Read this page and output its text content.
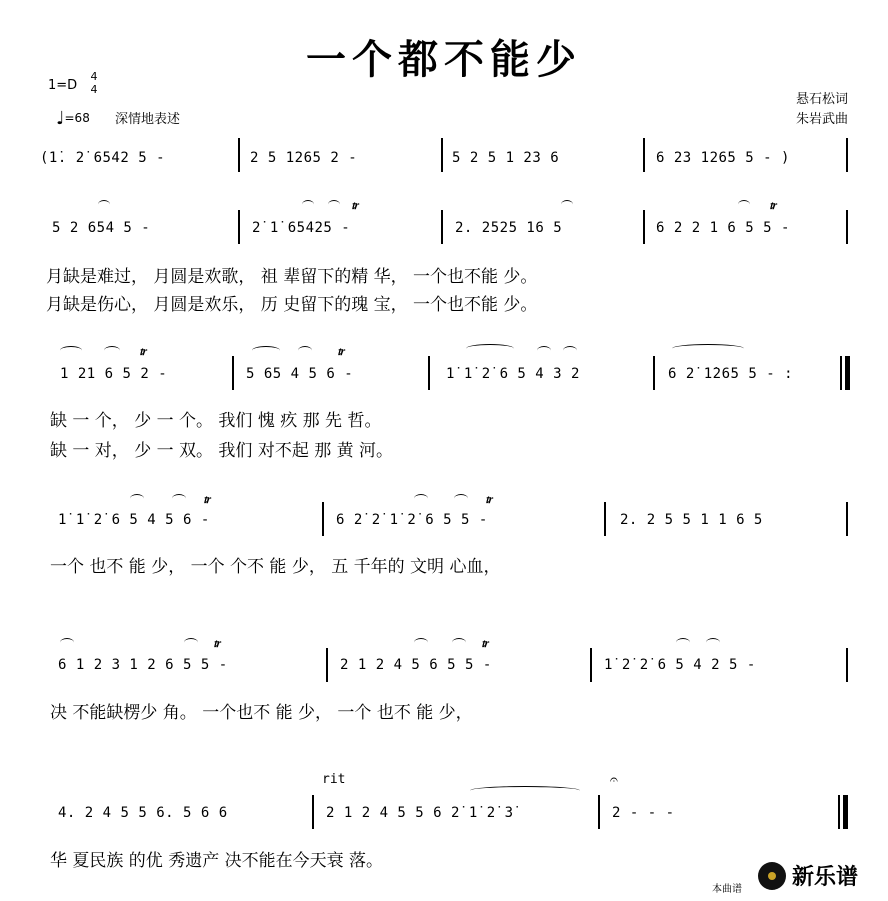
一个都不能少
1=D
4
4
♩=68 深情地表述
悬石松词
朱岩武曲
(1̇. 2̇ 6542 5 -	2 5 1265 2 -	5 2 5 1 23 6	6 23 1265 5 - )
𝆖	𝆖
5 2 654 5 -	2̇ 1̇ 65425 -	2. 2525 16 5	6 2 2 1 6 5 5 -
月缺是难过， 月圆是欢歌， 祖 辈留下的精 华， 一个也不能 少。
月缺是伤心， 月圆是欢乐， 历 史留下的瑰 宝， 一个也不能 少。
𝆖	𝆖
1 21 6 5 2 -	5 65 4 5 6 -	1̇ 1̇ 2̇ 6 5 4 3 2	6 2̇ 1̇265 5 - :
缺 一 个， 少 一 个。 我们 愧 疚 那 先 哲。
缺 一 对， 少 一 双。 我们 对不起 那 黄 河。
𝆖	𝆖
1̇ 1̇ 2̇ 6 5 4 5 6 -	6 2̇ 2̇ 1̇ 2̇ 6 5 5 -	2. 2 5 5 1 1 6 5
一个 也不 能 少， 一个 个不 能 少， 五 千年的 文明 心血，
𝆖	𝆖
6 1 2 3 1 2 6 5 5 -	2 1 2 4 5 6 5 5 -	1̇ 2̇ 2̇ 6 5 4 2 5 -
决 不能缺楞少 角。 一个也不 能 少， 一个 也不 能 少，
rit	𝄐
4. 2 4 5 5 6. 5 6 6	2 1 2 4 5 5 6 2̇ 1̇ 2̇ 3̇	2 - - -
华 夏民族 的优 秀遗产 决不能在今天衰 落。
本曲谱 新乐谱
